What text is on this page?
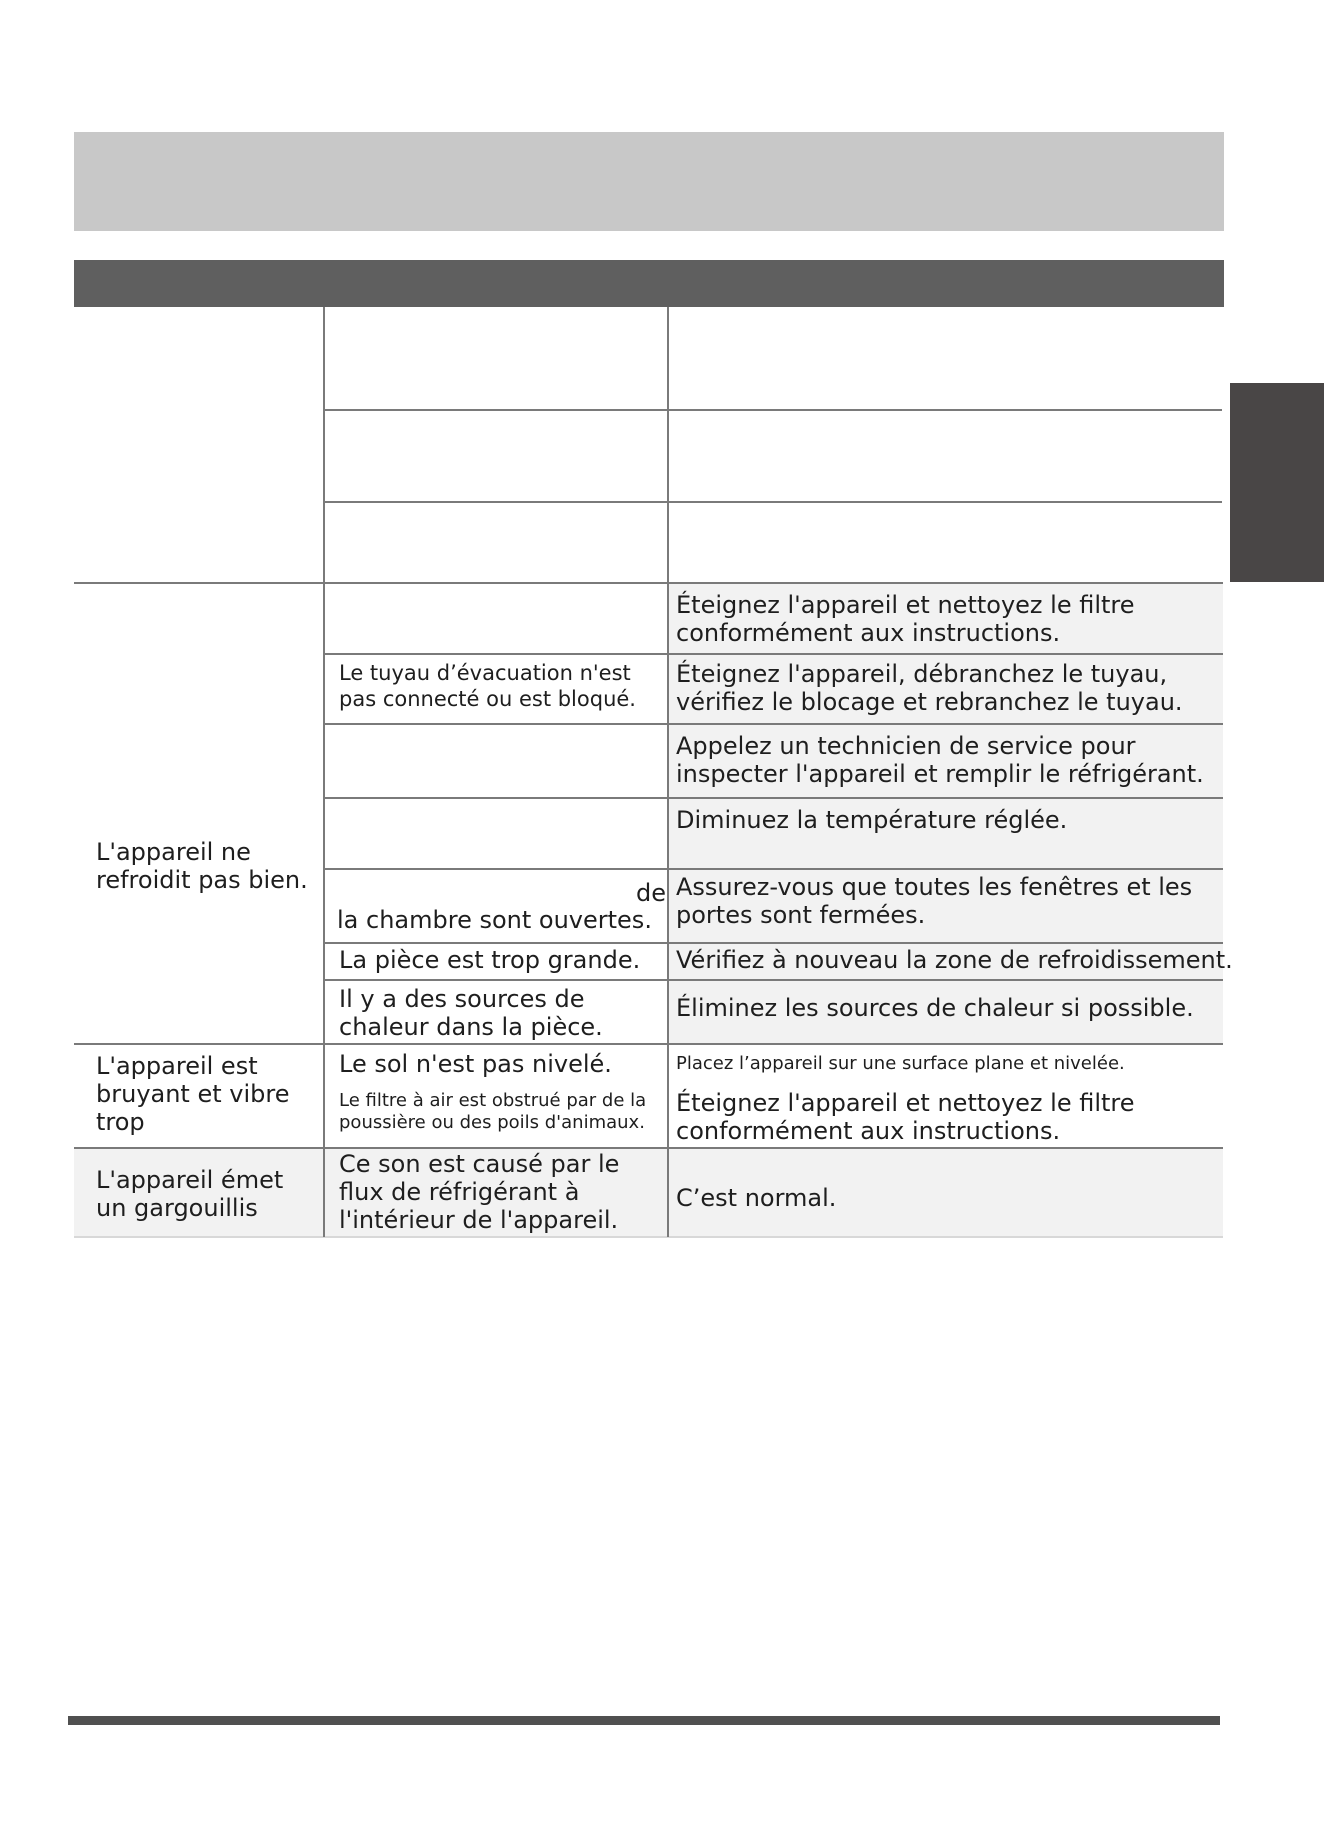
L'appareil ne
refroidit pas bien.
L'appareil est
bruyant et vibre
trop
L'appareil émet
un gargouillis
Le tuyau d’évacuation n'est
pas connecté ou est bloqué.
de
la chambre sont ouvertes.
La pièce est trop grande.
Il y a des sources de
chaleur dans la pièce.
Le sol n'est pas nivelé.
Le filtre à air est obstrué par de la
poussière ou des poils d'animaux.
Ce son est causé par le
flux de réfrigérant à
l'intérieur de l'appareil.
Éteignez l'appareil et nettoyez le filtre
conformément aux instructions.
Éteignez l'appareil, débranchez le tuyau,
vérifiez le blocage et rebranchez le tuyau.
Appelez un technicien de service pour
inspecter l'appareil et remplir le réfrigérant.
Diminuez la température réglée.
Assurez-vous que toutes les fenêtres et les
portes sont fermées.
Vérifiez à nouveau la zone de refroidissement.
Éliminez les sources de chaleur si possible.
Placez l’appareil sur une surface plane et nivelée.
Éteignez l'appareil et nettoyez le filtre
conformément aux instructions.
C’est normal.
